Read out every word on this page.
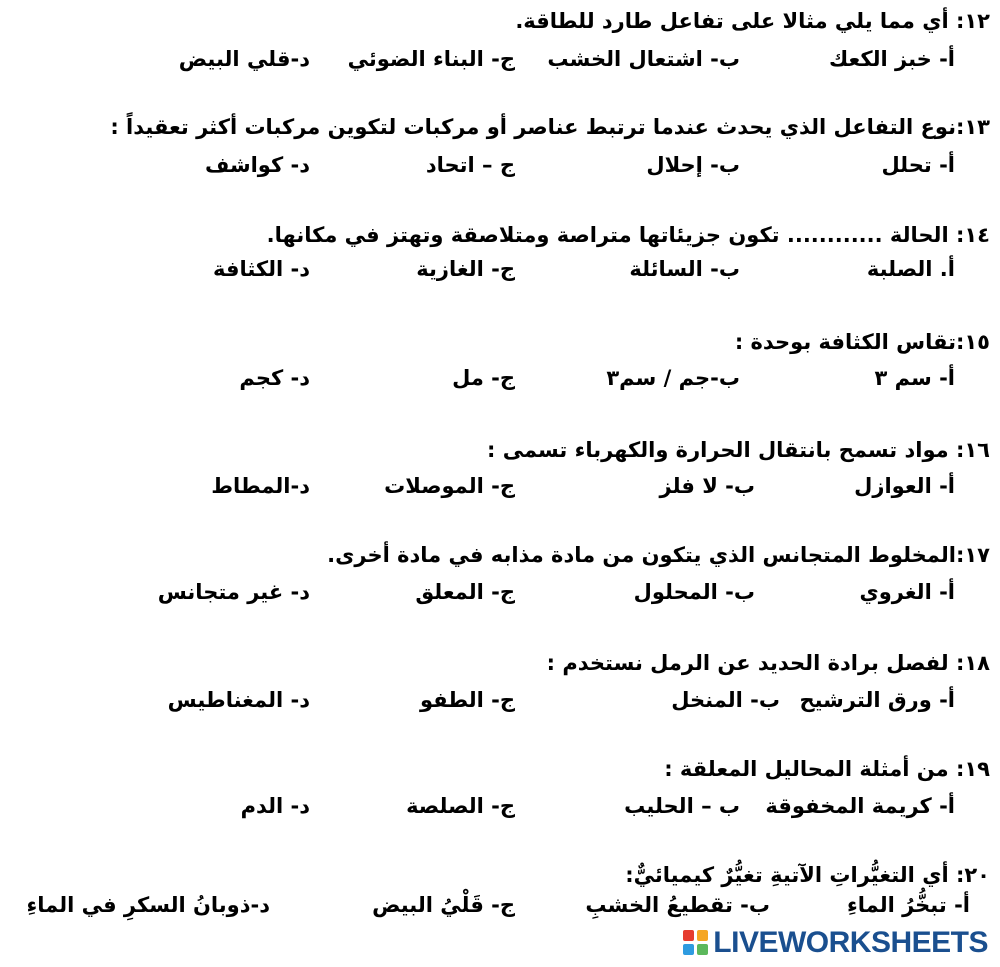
١٢: أي مما يلي مثالا على تفاعل طارد للطاقة.
أ- خبز الكعك
ب- اشتعال الخشب
ج- البناء الضوئي
د-قلي البيض
١٣:نوع التفاعل الذي يحدث عندما ترتبط عناصر أو مركبات لتكوين مركبات أكثر تعقيداً :
أ- تحلل
ب- إحلال
ج – اتحاد
د- كواشف
١٤: الحالة ............ تكون جزيئاتها متراصة ومتلاصقة وتهتز في مكانها.
أ. الصلبة
ب- السائلة
ج- الغازية
د- الكثافة
١٥:تقاس الكثافة بوحدة :
أ- سم ٣
ب-جم / سم٣
ج- مل
د- كجم
١٦: مواد تسمح بانتقال الحرارة والكهرباء تسمى :
أ- العوازل
ب- لا فلز
ج- الموصلات
د-المطاط
١٧:المخلوط المتجانس الذي يتكون من مادة مذابه في مادة أخرى.
أ- الغروي
ب- المحلول
ج- المعلق
د- غير متجانس
١٨: لفصل برادة الحديد عن الرمل نستخدم :
أ- ورق الترشيح
ب- المنخل
ج- الطفو
د- المغناطيس
١٩: من أمثلة المحاليل المعلقة :
أ- كريمة المخفوقة
ب – الحليب
ج- الصلصة
د- الدم
٢٠: أي التغيُّراتِ الآتيةِ تغيُّرٌ كيميائيٌّ:
أ- تبخُّرُ الماءِ
ب- تقطيعُ الخشبِ
ج- قَلْيُ البيض
د-ذوبانُ السكرِ في الماءِ
LIVEWORKSHEETS
